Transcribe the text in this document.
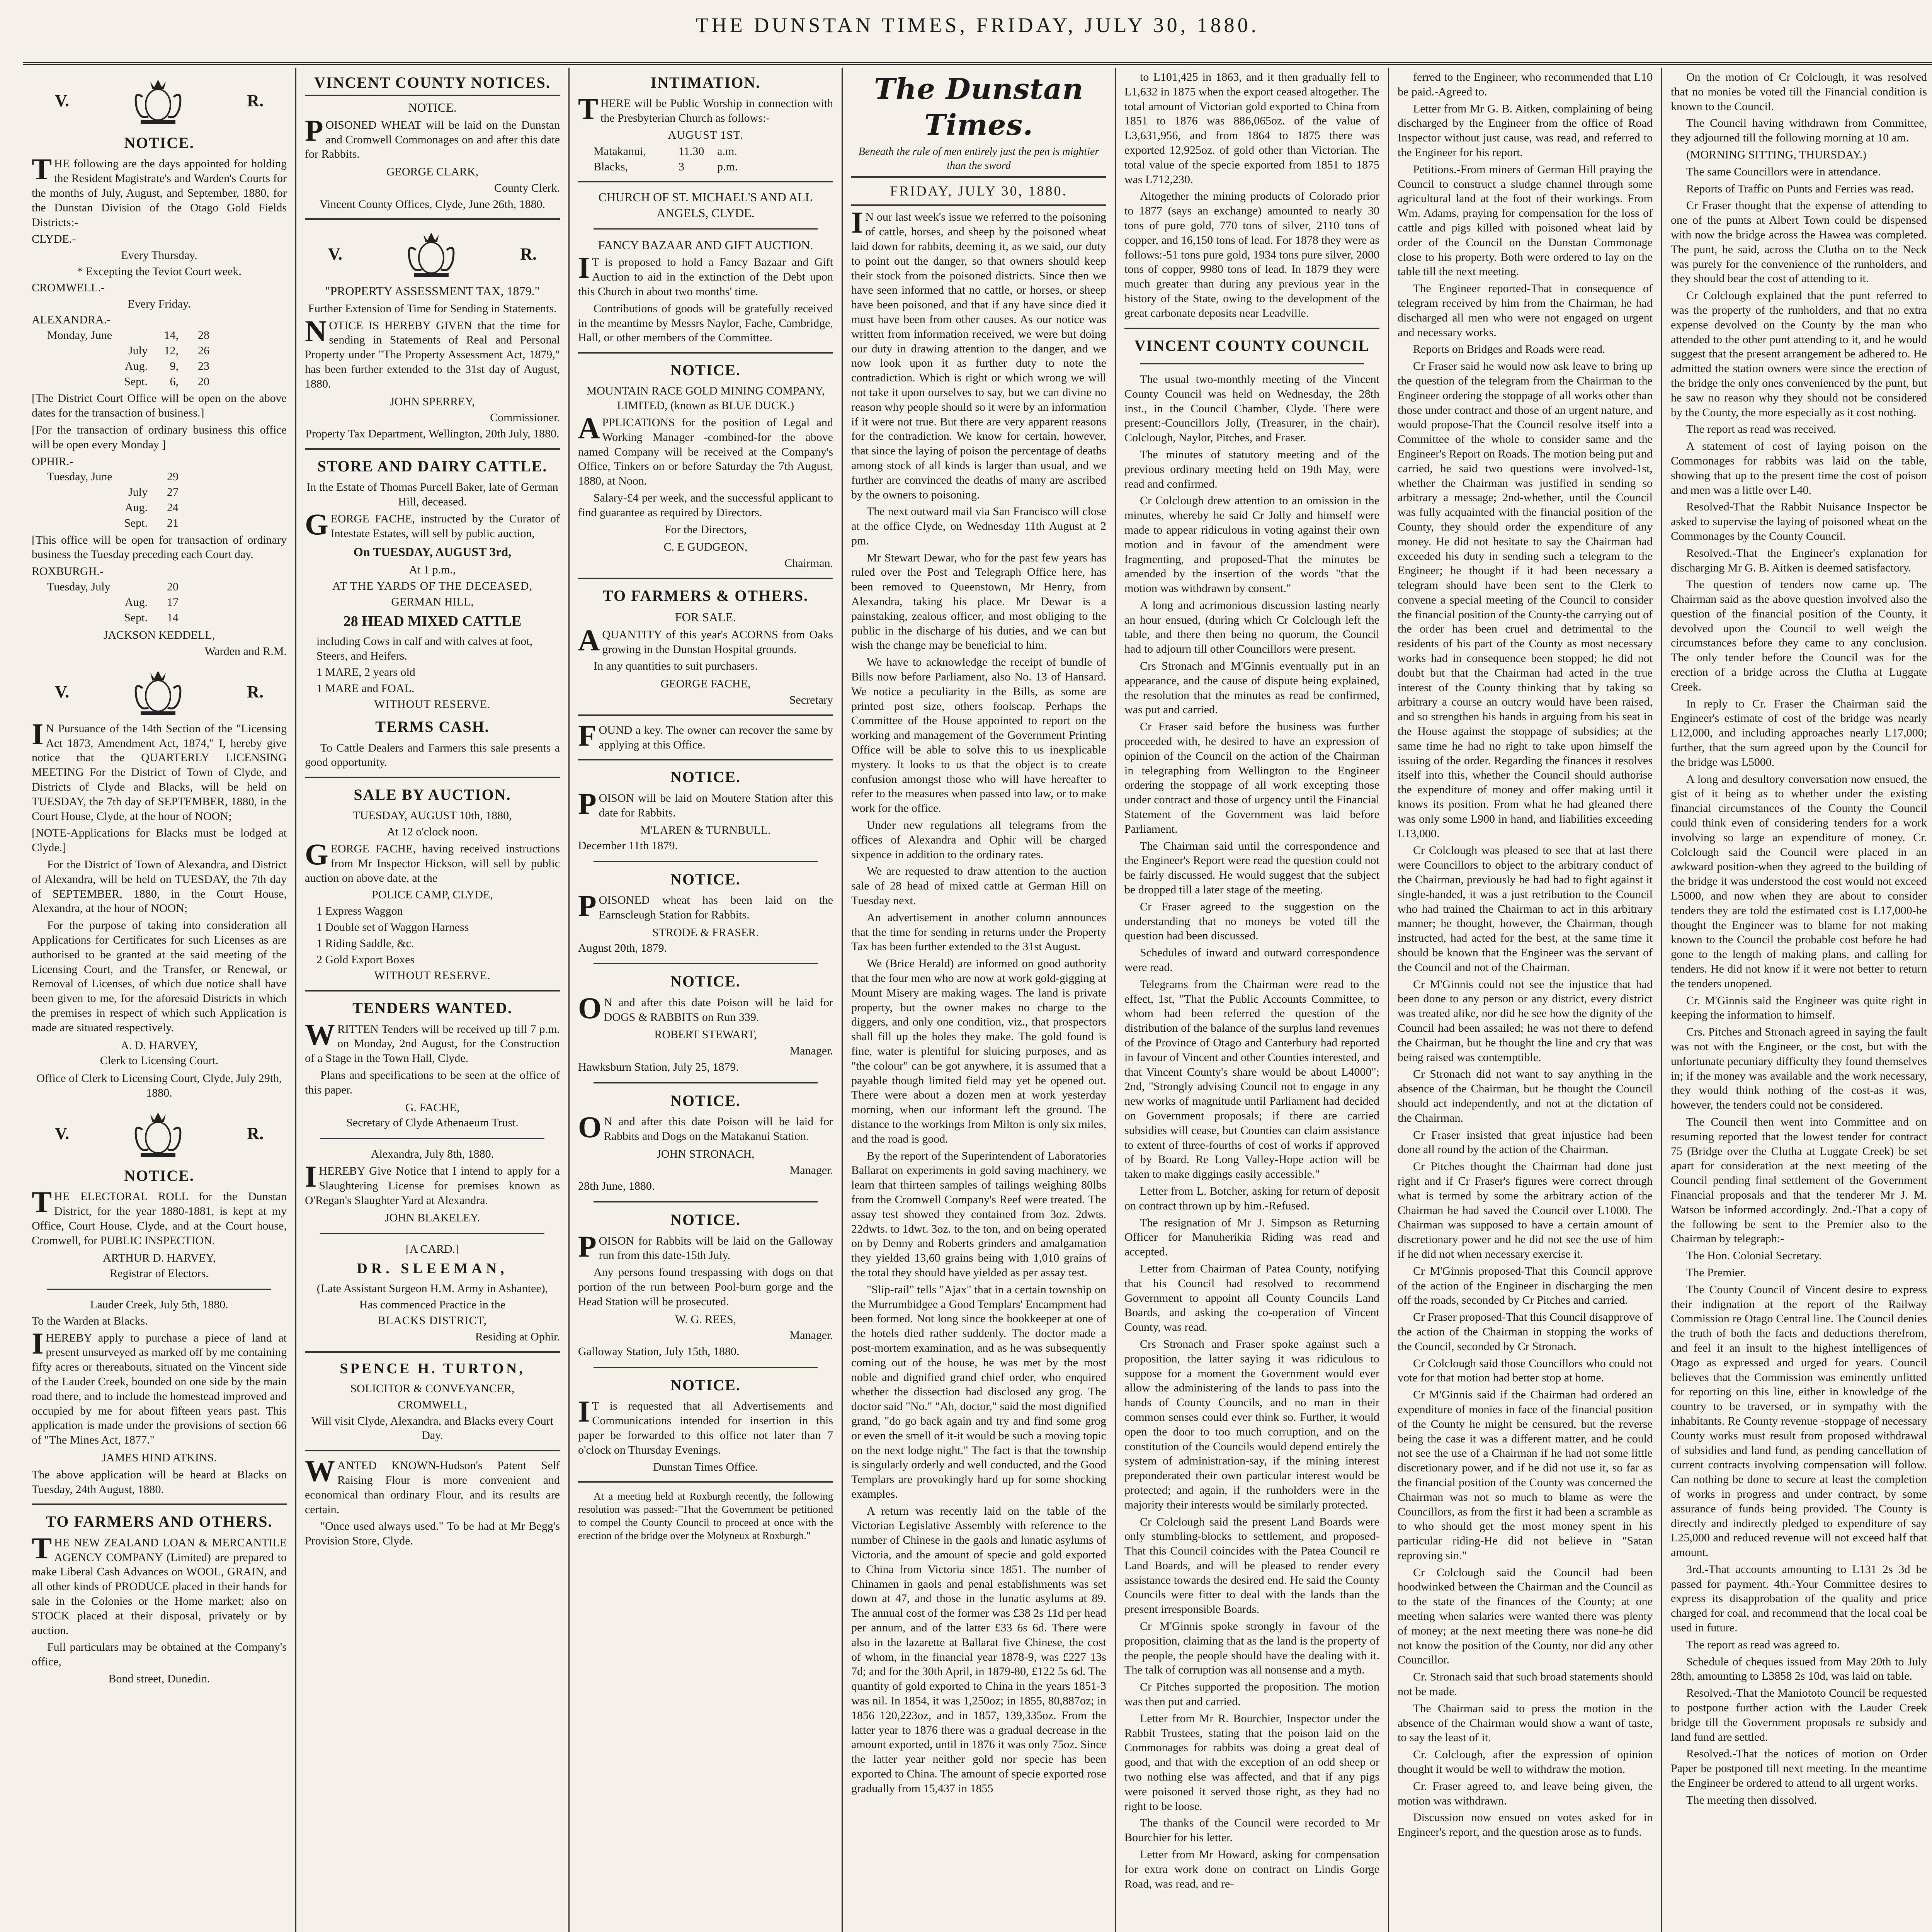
THE DUNSTAN TIMES, FRIDAY, JULY 30, 1880.
V.	R.
NOTICE.

THE following are the days appointed for holding the Resident Magistrate's and Warden's Courts for the months of July, August, and September, 1880, for the Dunstan Division of the Otago Gold Fields Districts:-

CLYDE.-
Every Thursday.
* Excepting the Teviot Court week.
CROMWELL.-
Every Friday.
ALEXANDRA.-
Monday, June	14, 28
July 12, 26
Aug. 9, 23
Sept. 6, 20

[The District Court Office will be open on the above dates for the transaction of business.]

[For the transaction of ordinary business this office will be open every Monday ]

OPHIR.-
Tuesday, June	29
July 27
Aug. 24
Sept. 21

[This office will be open for transaction of ordinary business the Tuesday preceding each Court day.

ROXBURGH.-
Tuesday, July	20
Aug. 17
Sept. 14
JACKSON KEDDELL,
Warden and R.M.
V.	R.

IN Pursuance of the 14th Section of the "Licensing Act 1873, Amendment Act, 1874," I, hereby give notice that the QUARTERLY LICENSING MEETING For the District of Town of Clyde, and Districts of Clyde and Blacks, will be held on TUESDAY, the 7th day of SEPTEMBER, 1880, in the Court House, Clyde, at the hour of NOON;

[NOTE-Applications for Blacks must be lodged at Clyde.]

For the District of Town of Alexandra, and District of Alexandra, will be held on TUESDAY, the 7th day of SEPTEMBER, 1880, in the Court House, Alexandra, at the hour of NOON;

For the purpose of taking into consideration all Applications for Certificates for such Licenses as are authorised to be granted at the said meeting of the Licensing Court, and the Transfer, or Renewal, or Removal of Licenses, of which due notice shall have been given to me, for the aforesaid Districts in which the premises in respect of which such Application is made are situated respectively.

A. D. HARVEY,
Clerk to Licensing Court.
Office of Clerk to Licensing Court, Clyde, July 29th, 1880.
V.	R.
NOTICE.

THE ELECTORAL ROLL for the Dunstan District, for the year 1880-1881, is kept at my Office, Court House, Clyde, and at the Court house, Cromwell, for PUBLIC INSPECTION.

ARTHUR D. HARVEY,
Registrar of Electors.
Lauder Creek, July 5th, 1880.
To the Warden at Blacks.

IHEREBY apply to purchase a piece of land at present unsurveyed as marked off by me containing fifty acres or thereabouts, situated on the Vincent side of the Lauder Creek, bounded on one side by the main road there, and to include the homestead improved and occupied by me for about fifteen years past. This application is made under the provisions of section 66 of "The Mines Act, 1877."

JAMES HIND ATKINS.

The above application will be heard at Blacks on Tuesday, 24th August, 1880.

TO FARMERS AND OTHERS.

THE NEW ZEALAND LOAN & MERCANTILE AGENCY COMPANY (Limited) are prepared to make Liberal Cash Advances on WOOL, GRAIN, and all other kinds of PRODUCE placed in their hands for sale in the Colonies or the Home market; also on STOCK placed at their disposal, privately or by auction.

Full particulars may be obtained at the Company's office,

Bond street, Dunedin.
VINCENT COUNTY NOTICES.
NOTICE.

POISONED WHEAT will be laid on the Dunstan and Cromwell Commonages on and after this date for Rabbits.

GEORGE CLARK,
County Clerk.
Vincent County Offices, Clyde, June 26th, 1880.
V.	R.
"PROPERTY ASSESSMENT TAX, 1879."
Further Extension of Time for Sending in Statements.

NOTICE IS HEREBY GIVEN that the time for sending in Statements of Real and Personal Property under "The Property Assessment Act, 1879," has been further extended to the 31st day of August, 1880.

JOHN SPERREY,
Commissioner.
Property Tax Department, Wellington, 20th July, 1880.
STORE AND DAIRY CATTLE.
In the Estate of Thomas Purcell Baker, late of German Hill, deceased.

GEORGE FACHE, instructed by the Curator of Intestate Estates, will sell by public auction,

On TUESDAY, AUGUST 3rd,
At 1 p.m.,
AT THE YARDS OF THE DECEASED,
GERMAN HILL,
28 HEAD MIXED CATTLE
including Cows in calf and with calves at foot, Steers, and Heifers.
1 MARE, 2 years old
1 MARE and FOAL.
WITHOUT RESERVE.
TERMS CASH.

To Cattle Dealers and Farmers this sale presents a good opportunity.

SALE BY AUCTION.
TUESDAY, AUGUST 10th, 1880,
At 12 o'clock noon.

GEORGE FACHE, having received instructions from Mr Inspector Hickson, will sell by public auction on above date, at the

POLICE CAMP, CLYDE,
1 Express Waggon
1 Double set of Waggon Harness
1 Riding Saddle, &c.
2 Gold Export Boxes
WITHOUT RESERVE.
TENDERS WANTED.

WRITTEN Tenders will be received up till 7 p.m. on Monday, 2nd August, for the Construction of a Stage in the Town Hall, Clyde.

Plans and specifications to be seen at the office of this paper.

G. FACHE,
Secretary of Clyde Athenaeum Trust.
Alexandra, July 8th, 1880.

IHEREBY Give Notice that I intend to apply for a Slaughtering License for premises known as O'Regan's Slaughter Yard at Alexandra.

JOHN BLAKELEY.
[A CARD.]
DR. SLEEMAN,
(Late Assistant Surgeon H.M. Army in Ashantee),
Has commenced Practice in the
BLACKS DISTRICT,
Residing at Ophir.
SPENCE H. TURTON,
SOLICITOR & CONVEYANCER,
CROMWELL,
Will visit Clyde, Alexandra, and Blacks every Court Day.

WANTED KNOWN-Hudson's Patent Self Raising Flour is more convenient and economical than ordinary Flour, and its results are certain.

"Once used always used." To be had at Mr Begg's Provision Store, Clyde.

INTIMATION.

THERE will be Public Worship in connection with the Presbyterian Church as follows:-

AUGUST 1ST.
Matakanui,	11.30 a.m.
Blacks,	3	p.m.
CHURCH OF ST. MICHAEL'S AND ALL ANGELS, CLYDE.
FANCY BAZAAR AND GIFT AUCTION.

IT is proposed to hold a Fancy Bazaar and Gift Auction to aid in the extinction of the Debt upon this Church in about two months' time.

Contributions of goods will be gratefully received in the meantime by Messrs Naylor, Fache, Cambridge, Hall, or other members of the Committee.

NOTICE.
MOUNTAIN RACE GOLD MINING COMPANY, LIMITED, (known as BLUE DUCK.)

APPLICATIONS for the position of Legal and Working Manager -combined-for the above named Company will be received at the Company's Office, Tinkers on or before Saturday the 7th August, 1880, at Noon.

Salary-£4 per week, and the successful applicant to find guarantee as required by Directors.

For the Directors,
C. E GUDGEON,
Chairman.
TO FARMERS & OTHERS.
FOR SALE.

AQUANTITY of this year's ACORNS from Oaks growing in the Dunstan Hospital grounds.

In any quantities to suit purchasers.

GEORGE FACHE,
Secretary

FOUND a key. The owner can recover the same by applying at this Office.

NOTICE.

POISON will be laid on Moutere Station after this date for Rabbits.

M'LAREN & TURNBULL.
December 11th 1879.
NOTICE.

POISONED wheat has been laid on the Earnscleugh Station for Rabbits.

STRODE & FRASER.
August 20th, 1879.
NOTICE.

ON and after this date Poison will be laid for DOGS & RABBITS on Run 339.

ROBERT STEWART,
Manager.
Hawksburn Station, July 25, 1879.
NOTICE.

ON and after this date Poison will be laid for Rabbits and Dogs on the Matakanui Station.

JOHN STRONACH,
Manager.
28th June, 1880.
NOTICE.

POISON for Rabbits will be laid on the Galloway run from this date-15th July.

Any persons found trespassing with dogs on that portion of the run between Pool-burn gorge and the Head Station will be prosecuted.

W. G. REES,
Manager.
Galloway Station, July 15th, 1880.
NOTICE.

IT is requested that all Advertisements and Communications intended for insertion in this paper be forwarded to this office not later than 7 o'clock on Thursday Evenings.

Dunstan Times Office.

At a meeting held at Roxburgh recently, the following resolution was passed:-"That the Government be petitioned to compel the County Council to proceed at once with the erection of the bridge over the Molyneux at Roxburgh."

The Dunstan Times.
Beneath the rule of men entirely just the pen is mightier than the sword
FRIDAY, JULY 30, 1880.

IN our last week's issue we referred to the poisoning of cattle, horses, and sheep by the poisoned wheat laid down for rabbits, deeming it, as we said, our duty to point out the danger, so that owners should keep their stock from the poisoned districts. Since then we have seen informed that no cattle, or horses, or sheep have been poisoned, and that if any have since died it must have been from other causes. As our notice was written from information received, we were but doing our duty in drawing attention to the danger, and we now look upon it as further duty to note the contradiction. Which is right or which wrong we will not take it upon ourselves to say, but we can divine no reason why people should so it were by an information if it were not true. But there are very apparent reasons for the contradiction. We know for certain, however, that since the laying of poison the percentage of deaths among stock of all kinds is larger than usual, and we further are convinced the deaths of many are ascribed by the owners to poisoning.

The next outward mail via San Francisco will close at the office Clyde, on Wednesday 11th August at 2 pm.

Mr Stewart Dewar, who for the past few years has ruled over the Post and Telegraph Office here, has been removed to Queenstown, Mr Henry, from Alexandra, taking his place. Mr Dewar is a painstaking, zealous officer, and most obliging to the public in the discharge of his duties, and we can but wish the change may be beneficial to him.

We have to acknowledge the receipt of bundle of Bills now before Parliament, also No. 13 of Hansard. We notice a peculiarity in the Bills, as some are printed post size, others foolscap. Perhaps the Committee of the House appointed to report on the working and management of the Government Printing Office will be able to solve this to us inexplicable mystery. It looks to us that the object is to create confusion amongst those who will have hereafter to refer to the measures when passed into law, or to make work for the office.

Under new regulations all telegrams from the offices of Alexandra and Ophir will be charged sixpence in addition to the ordinary rates.

We are requested to draw attention to the auction sale of 28 head of mixed cattle at German Hill on Tuesday next.

An advertisement in another column announces that the time for sending in returns under the Property Tax has been further extended to the 31st August.

We (Brice Herald) are informed on good authority that the four men who are now at work gold-gigging at Mount Misery are making wages. The land is private property, but the owner makes no charge to the diggers, and only one condition, viz., that prospectors shall fill up the holes they make. The gold found is fine, water is plentiful for sluicing purposes, and as "the colour" can be got anywhere, it is assumed that a payable though limited field may yet be opened out. There were about a dozen men at work yesterday morning, when our informant left the ground. The distance to the workings from Milton is only six miles, and the road is good.

By the report of the Superintendent of Laboratories Ballarat on experiments in gold saving machinery, we learn that thirteen samples of tailings weighing 80lbs from the Cromwell Company's Reef were treated. The assay test showed they contained from 3oz. 2dwts. 22dwts. to 1dwt. 3oz. to the ton, and on being operated on by Denny and Roberts grinders and amalgamation they yielded 13,60 grains being with 1,010 grains of the total they should have yielded as per assay test.

"Slip-rail" tells "Ajax" that in a certain township on the Murrumbidgee a Good Templars' Encampment had been formed. Not long since the bookkeeper at one of the hotels died rather suddenly. The doctor made a post-mortem examination, and as he was subsequently coming out of the house, he was met by the most noble and dignified grand chief order, who enquired whether the dissection had disclosed any grog. The doctor said "No." "Ah, doctor," said the most dignified grand, "do go back again and try and find some grog or even the smell of it-it would be such a moving topic on the next lodge night." The fact is that the township is singularly orderly and well conducted, and the Good Templars are provokingly hard up for some shocking examples.

A return was recently laid on the table of the Victorian Legislative Assembly with reference to the number of Chinese in the gaols and lunatic asylums of Victoria, and the amount of specie and gold exported to China from Victoria since 1851. The number of Chinamen in gaols and penal establishments was set down at 47, and those in the lunatic asylums at 89. The annual cost of the former was £38 2s 11d per head per annum, and of the latter £33 6s 6d. There were also in the lazarette at Ballarat five Chinese, the cost of whom, in the financial year 1878-9, was £227 13s 7d; and for the 30th April, in 1879-80, £122 5s 6d. The quantity of gold exported to China in the years 1851-3 was nil. In 1854, it was 1,250oz; in 1855, 80,887oz; in 1856 120,223oz, and in 1857, 139,335oz. From the latter year to 1876 there was a gradual decrease in the amount exported, until in 1876 it was only 75oz. Since the latter year neither gold nor specie has been exported to China. The amount of specie exported rose gradually from 15,437 in 1855

to L101,425 in 1863, and it then gradually fell to L1,632 in 1875 when the export ceased altogether. The total amount of Victorian gold exported to China from 1851 to 1876 was 886,065oz. of the value of L3,631,956, and from 1864 to 1875 there was exported 12,925oz. of gold other than Victorian. The total value of the specie exported from 1851 to 1875 was L712,230.

Altogether the mining products of Colorado prior to 1877 (says an exchange) amounted to nearly 30 tons of pure gold, 770 tons of silver, 2110 tons of copper, and 16,150 tons of lead. For 1878 they were as follows:-51 tons pure gold, 1934 tons pure silver, 2000 tons of copper, 9980 tons of lead. In 1879 they were much greater than during any previous year in the history of the State, owing to the development of the great carbonate deposits near Leadville.

VINCENT COUNTY COUNCIL

The usual two-monthly meeting of the Vincent County Council was held on Wednesday, the 28th inst., in the Council Chamber, Clyde. There were present:-Councillors Jolly, (Treasurer, in the chair), Colclough, Naylor, Pitches, and Fraser.

The minutes of statutory meeting and of the previous ordinary meeting held on 19th May, were read and confirmed.

Cr Colclough drew attention to an omission in the minutes, whereby he said Cr Jolly and himself were made to appear ridiculous in voting against their own motion and in favour of the amendment were fragmenting, and proposed-That the minutes be amended by the insertion of the words "that the motion was withdrawn by consent."

A long and acrimonious discussion lasting nearly an hour ensued, (during which Cr Colclough left the table, and there then being no quorum, the Council had to adjourn till other Councillors were present.

Crs Stronach and M'Ginnis eventually put in an appearance, and the cause of dispute being explained, the resolution that the minutes as read be confirmed, was put and carried.

Cr Fraser said before the business was further proceeded with, he desired to have an expression of opinion of the Council on the action of the Chairman in telegraphing from Wellington to the Engineer ordering the stoppage of all work excepting those under contract and those of urgency until the Financial Statement of the Government was laid before Parliament.

The Chairman said until the correspondence and the Engineer's Report were read the question could not be fairly discussed. He would suggest that the subject be dropped till a later stage of the meeting.

Cr Fraser agreed to the suggestion on the understanding that no moneys be voted till the question had been discussed.

Schedules of inward and outward correspondence were read.

Telegrams from the Chairman were read to the effect, 1st, "That the Public Accounts Committee, to whom had been referred the question of the distribution of the balance of the surplus land revenues of the Province of Otago and Canterbury had reported in favour of Vincent and other Counties interested, and that Vincent County's share would be about L4000"; 2nd, "Strongly advising Council not to engage in any new works of magnitude until Parliament had decided on Government proposals; if there are carried subsidies will cease, but Counties can claim assistance to extent of three-fourths of cost of works if approved of by Board. Re Long Valley-Hope action will be taken to make diggings easily accessible."

Letter from L. Botcher, asking for return of deposit on contract thrown up by him.-Refused.

The resignation of Mr J. Simpson as Returning Officer for Manuherikia Riding was read and accepted.

Letter from Chairman of Patea County, notifying that his Council had resolved to recommend Government to appoint all County Councils Land Boards, and asking the co-operation of Vincent County, was read.

Crs Stronach and Fraser spoke against such a proposition, the latter saying it was ridiculous to suppose for a moment the Government would ever allow the administering of the lands to pass into the hands of County Councils, and no man in their common senses could ever think so. Further, it would open the door to too much corruption, and on the constitution of the Councils would depend entirely the system of administration-say, if the mining interest preponderated their own particular interest would be protected; and again, if the runholders were in the majority their interests would be similarly protected.

Cr Colclough said the present Land Boards were only stumbling-blocks to settlement, and proposed-That this Council coincides with the Patea Council re Land Boards, and will be pleased to render every assistance towards the desired end. He said the County Councils were fitter to deal with the lands than the present irresponsible Boards.

Cr M'Ginnis spoke strongly in favour of the proposition, claiming that as the land is the property of the people, the people should have the dealing with it. The talk of corruption was all nonsense and a myth.

Cr Pitches supported the proposition. The motion was then put and carried.

Letter from Mr R. Bourchier, Inspector under the Rabbit Trustees, stating that the poison laid on the Commonages for rabbits was doing a great deal of good, and that with the exception of an odd sheep or two nothing else was affected, and that if any pigs were poisoned it served those right, as they had no right to be loose.

The thanks of the Council were recorded to Mr Bourchier for his letter.

Letter from Mr Howard, asking for compensation for extra work done on contract on Lindis Gorge Road, was read, and re-

ferred to the Engineer, who recommended that L10 be paid.-Agreed to.

Letter from Mr G. B. Aitken, complaining of being discharged by the Engineer from the office of Road Inspector without just cause, was read, and referred to the Engineer for his report.

Petitions.-From miners of German Hill praying the Council to construct a sludge channel through some agricultural land at the foot of their workings. From Wm. Adams, praying for compensation for the loss of cattle and pigs killed with poisoned wheat laid by order of the Council on the Dunstan Commonage close to his property. Both were ordered to lay on the table till the next meeting.

The Engineer reported-That in consequence of telegram received by him from the Chairman, he had discharged all men who were not engaged on urgent and necessary works.

Reports on Bridges and Roads were read.

Cr Fraser said he would now ask leave to bring up the question of the telegram from the Chairman to the Engineer ordering the stoppage of all works other than those under contract and those of an urgent nature, and would propose-That the Council resolve itself into a Committee of the whole to consider same and the Engineer's Report on Roads. The motion being put and carried, he said two questions were involved-1st, whether the Chairman was justified in sending so arbitrary a message; 2nd-whether, until the Council was fully acquainted with the financial position of the County, they should order the expenditure of any money. He did not hesitate to say the Chairman had exceeded his duty in sending such a telegram to the Engineer; he thought if it had been necessary a telegram should have been sent to the Clerk to convene a special meeting of the Council to consider the financial position of the County-the carrying out of the order has been cruel and detrimental to the residents of his part of the County as most necessary works had in consequence been stopped; he did not doubt but that the Chairman had acted in the true interest of the County thinking that by taking so arbitrary a course an outcry would have been raised, and so strengthen his hands in arguing from his seat in the House against the stoppage of subsidies; at the same time he had no right to take upon himself the issuing of the order. Regarding the finances it resolves itself into this, whether the Council should authorise the expenditure of money and offer making until it knows its position. From what he had gleaned there was only some L900 in hand, and liabilities exceeding L13,000.

Cr Colclough was pleased to see that at last there were Councillors to object to the arbitrary conduct of the Chairman, previously he had had to fight against it single-handed, it was a just retribution to the Council who had trained the Chairman to act in this arbitrary manner; he thought, however, the Chairman, though instructed, had acted for the best, at the same time it should be known that the Engineer was the servant of the Council and not of the Chairman.

Cr M'Ginnis could not see the injustice that had been done to any person or any district, every district was treated alike, nor did he see how the dignity of the Council had been assailed; he was not there to defend the Chairman, but he thought the line and cry that was being raised was contemptible.

Cr Stronach did not want to say anything in the absence of the Chairman, but he thought the Council should act independently, and not at the dictation of the Chairman.

Cr Fraser insisted that great injustice had been done all round by the action of the Chairman.

Cr Pitches thought the Chairman had done just right and if Cr Fraser's figures were correct through what is termed by some the arbitrary action of the Chairman he had saved the Council over L1000. The Chairman was supposed to have a certain amount of discretionary power and he did not see the use of him if he did not when necessary exercise it.

Cr M'Ginnis proposed-That this Council approve of the action of the Engineer in discharging the men off the roads, seconded by Cr Pitches and carried.

Cr Fraser proposed-That this Council disapprove of the action of the Chairman in stopping the works of the Council, seconded by Cr Stronach.

Cr Colclough said those Councillors who could not vote for that motion had better stop at home.

Cr M'Ginnis said if the Chairman had ordered an expenditure of monies in face of the financial position of the County he might be censured, but the reverse being the case it was a different matter, and he could not see the use of a Chairman if he had not some little discretionary power, and if he did not use it, so far as the financial position of the County was concerned the Chairman was not so much to blame as were the Councillors, as from the first it had been a scramble as to who should get the most money spent in his particular riding-He did not believe in "Satan reproving sin."

Cr Colclough said the Council had been hoodwinked between the Chairman and the Council as to the state of the finances of the County; at one meeting when salaries were wanted there was plenty of money; at the next meeting there was none-he did not know the position of the County, nor did any other Councillor.

Cr. Stronach said that such broad statements should not be made.

The Chairman said to press the motion in the absence of the Chairman would show a want of taste, to say the least of it.

Cr. Colclough, after the expression of opinion thought it would be well to withdraw the motion.

Cr. Fraser agreed to, and leave being given, the motion was withdrawn.

Discussion now ensued on votes asked for in Engineer's report, and the question arose as to funds.

On the motion of Cr Colclough, it was resolved that no monies be voted till the Financial condition is known to the Council.

The Council having withdrawn from Committee, they adjourned till the following morning at 10 am.

(MORNING SITTING, THURSDAY.)

The same Councillors were in attendance.

Reports of Traffic on Punts and Ferries was read.

Cr Fraser thought that the expense of attending to one of the punts at Albert Town could be dispensed with now the bridge across the Hawea was completed. The punt, he said, across the Clutha on to the Neck was purely for the convenience of the runholders, and they should bear the cost of attending to it.

Cr Colclough explained that the punt referred to was the property of the runholders, and that no extra expense devolved on the County by the man who attended to the other punt attending to it, and he would suggest that the present arrangement be adhered to. He admitted the station owners were since the erection of the bridge the only ones convenienced by the punt, but he saw no reason why they should not be considered by the County, the more especially as it cost nothing.

The report as read was received.

A statement of cost of laying poison on the Commonages for rabbits was laid on the table, showing that up to the present time the cost of poison and men was a little over L40.

Resolved-That the Rabbit Nuisance Inspector be asked to supervise the laying of poisoned wheat on the Commonages by the County Council.

Resolved.-That the Engineer's explanation for discharging Mr G. B. Aitken is deemed satisfactory.

The question of tenders now came up. The Chairman said as the above question involved also the question of the financial position of the County, it devolved upon the Council to well weigh the circumstances before they came to any conclusion. The only tender before the Council was for the erection of a bridge across the Clutha at Luggate Creek.

In reply to Cr. Fraser the Chairman said the Engineer's estimate of cost of the bridge was nearly L12,000, and including approaches nearly L17,000; further, that the sum agreed upon by the Council for the bridge was L5000.

A long and desultory conversation now ensued, the gist of it being as to whether under the existing financial circumstances of the County the Council could think even of considering tenders for a work involving so large an expenditure of money. Cr. Colclough said the Council were placed in an awkward position-when they agreed to the building of the bridge it was understood the cost would not exceed L5000, and now when they are about to consider tenders they are told the estimated cost is L17,000-he thought the Engineer was to blame for not making known to the Council the probable cost before he had gone to the length of making plans, and calling for tenders. He did not know if it were not better to return the tenders unopened.

Cr. M'Ginnis said the Engineer was quite right in keeping the information to himself.

Crs. Pitches and Stronach agreed in saying the fault was not with the Engineer, or the cost, but with the unfortunate pecuniary difficulty they found themselves in; if the money was available and the work necessary, they would think nothing of the cost-as it was, however, the tenders could not be considered.

The Council then went into Committee and on resuming reported that the lowest tender for contract 75 (Bridge over the Clutha at Luggate Creek) be set apart for consideration at the next meeting of the Council pending final settlement of the Government Financial proposals and that the tenderer Mr J. M. Watson be informed accordingly. 2nd.-That a copy of the following be sent to the Premier also to the Chairman by telegraph:-

The Hon. Colonial Secretary.

The Premier.

The County Council of Vincent desire to express their indignation at the report of the Railway Commission re Otago Central line. The Council denies the truth of both the facts and deductions therefrom, and feel it an insult to the highest intelligences of Otago as expressed and urged for years. Council believes that the Commission was eminently unfitted for reporting on this line, either in knowledge of the country to be traversed, or in sympathy with the inhabitants. Re County revenue -stoppage of necessary County works must result from proposed withdrawal of subsidies and land fund, as pending cancellation of current contracts involving compensation will follow. Can nothing be done to secure at least the completion of works in progress and under contract, by some assurance of funds being provided. The County is directly and indirectly pledged to expenditure of say L25,000 and reduced revenue will not exceed half that amount.

3rd.-That accounts amounting to L131 2s 3d be passed for payment. 4th.-Your Committee desires to express its disapprobation of the quality and price charged for coal, and recommend that the local coal be used in future.

The report as read was agreed to.

Schedule of cheques issued from May 20th to July 28th, amounting to L3858 2s 10d, was laid on table.

Resolved.-That the Maniototo Council be requested to postpone further action with the Lauder Creek bridge till the Government proposals re subsidy and land fund are settled.

Resolved.-That the notices of motion on Order Paper be postponed till next meeting. In the meantime the Engineer be ordered to attend to all urgent works.

The meeting then dissolved.
